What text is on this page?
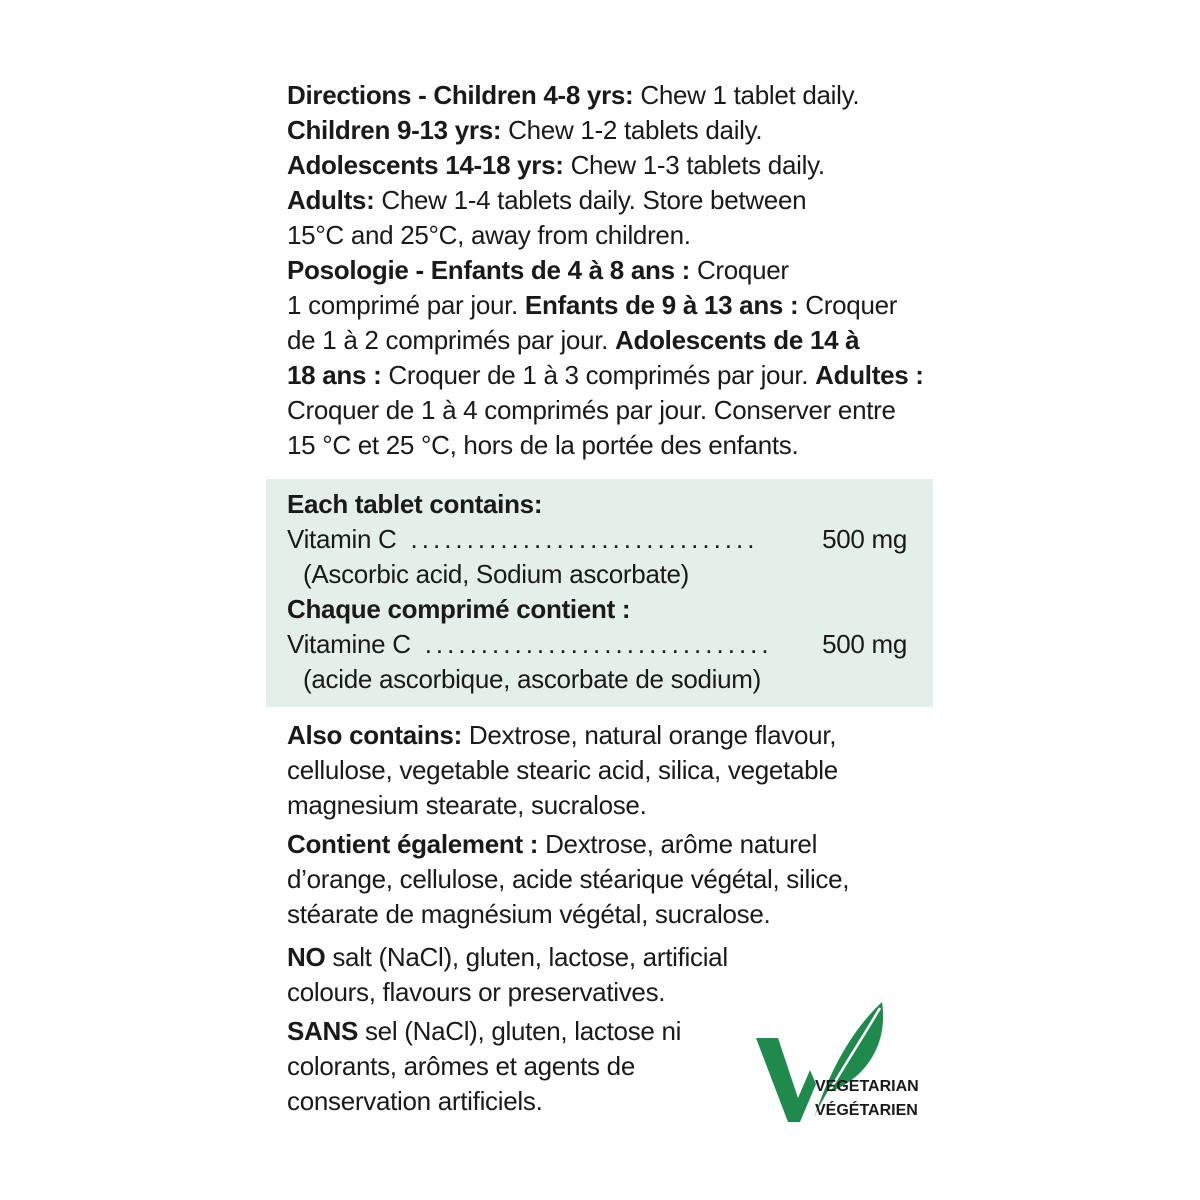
Directions - Children 4-8 yrs: Chew 1 tablet daily.
Children 9-13 yrs: Chew 1-2 tablets daily.
Adolescents 14-18 yrs: Chew 1-3 tablets daily.
Adults: Chew 1-4 tablets daily. Store between
15°C and 25°C, away from children.

Posologie - Enfants de 4 à 8 ans : Croquer
1 comprimé par jour. Enfants de 9 à 13 ans : Croquer
de 1 à 2 comprimés par jour. Adolescents de 14 à
18 ans : Croquer de 1 à 3 comprimés par jour. Adultes :
Croquer de 1 à 4 comprimés par jour. Conserver entre
15 °C et 25 °C, hors de la portée des enfants.

Each tablet contains:
Vitamin C ...............................	500 mg
(Ascorbic acid, Sodium ascorbate)
Chaque comprimé contient :
Vitamine C ...............................	500 mg
(acide ascorbique, ascorbate de sodium)

Also contains: Dextrose, natural orange flavour,
cellulose, vegetable stearic acid, silica, vegetable
magnesium stearate, sucralose.

Contient également : Dextrose, arôme naturel
d’orange, cellulose, acide stéarique végétal, silice,
stéarate de magnésium végétal, sucralose.

NO salt (NaCl), gluten, lactose, artificial
colours, flavours or preservatives.

SANS sel (NaCl), gluten, lactose ni
colorants, arômes et agents de
conservation artificiels.	VEGETARIAN
VÉGÉTARIEN
